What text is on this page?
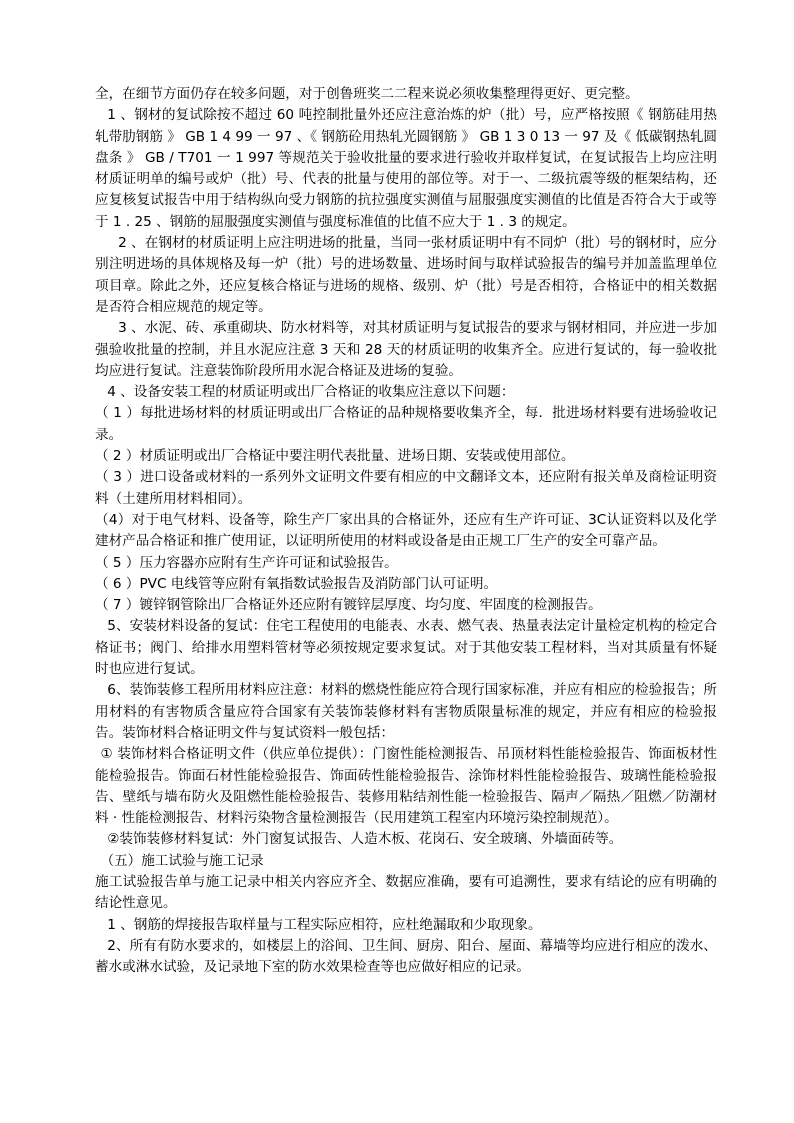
全，在细节方面仍存在较多问题，对于创鲁班奖二二程来说必须收集整理得更好、更完整。

1 、钢材的复试除按不超过 60 吨控制批量外还应注意治炼的炉（批）号，应严格按照《 钢筋硅用热轧带肋钢筋 》 GB 1 4 99 一 97 、《 钢筋砼用热轧光圆钢筋 》 GB 1 3 0 13 一 97 及《 低碳钢热轧圆盘条 》 GB / T701 一 1 997 等规范关于验收批量的要求进行验收并取样复试，在复试报告上均应注明材质证明单的编号或炉（批）号、代表的批量与使用的部位等。对于一、二级抗震等级的框架结构，还应复核复试报告中用于结构纵向受力钢筋的抗拉强度实测值与屈服强度实测值的比值是否符合大于或等于 1 . 25 、钢筋的屈服强度实测值与强度标准值的比值不应大于 1 . 3 的规定。

2 、在钢材的材质证明上应注明进场的批量，当同一张材质证明中有不同炉（批）号的钢材时，应分别注明进场的具体规格及每一炉（批）号的进场数量、进场时间与取样试验报告的编号并加盖监理单位项目章。除此之外，还应复核合格证与进场的规格、级别、炉（批）号是否相符，合格证中的相关数据是否符合相应规范的规定等。

3 、水泥、砖、承重砌块、防水材料等，对其材质证明与复试报告的要求与钢材相同，并应进一步加强验收批量的控制，并且水泥应注意 3 天和 28 天的材质证明的收集齐全。应进行复试的，每一验收批均应进行复试。注意装饰阶段所用水泥合格证及进场的复验。

4 、设备安装工程的材质证明或出厂合格证的收集应注意以下问题：

（ 1 ）每批进场材料的材质证明或出厂合格证的品种规格要收集齐全，每．批进场材料要有进场验收记录。

（ 2 ）材质证明或出厂合格证中要注明代表批量、进场日期、安装或使用部位。

（ 3 ）进口设备或材料的一系列外文证明文件要有相应的中文翻译文本，还应附有报关单及商检证明资料（土建所用材料相同）。

（4）对于电气材料、设备等，除生产厂家出具的合格证外，还应有生产许可证、3C认证资料以及化学建材产品合格证和推广使用证，以证明所使用的材料或设备是由正规工厂生产的安全可靠产品。

（ 5 ）压力容器亦应附有生产许可证和试验报告。

（ 6 ）PVC 电线管等应附有氧指数试验报告及消防部门认可证明。

（ 7 ）镀锌钢管除出厂合格证外还应附有镀锌层厚度、均匀度、牢固度的检测报告。

5、安装材料设备的复试：住宅工程使用的电能表、水表、燃气表、热量表法定计量检定机构的检定合格证书；阀门、给排水用塑料管材等必须按规定要求复试。对于其他安装工程材料，当对其质量有怀疑时也应进行复试。

6、装饰装修工程所用材料应注意：材料的燃烧性能应符合现行国家标准，并应有相应的检验报告；所用材料的有害物质含量应符合国家有关装饰装修材料有害物质限量标准的规定，并应有相应的检验报告。装饰材料合格证明文件与复试资料一般包括：

① 装饰材料合格证明文件（供应单位提供）：门窗性能检测报告、吊顶材料性能检验报告、饰面板材性能检验报告。饰面石材性能检验报告、饰面砖性能检验报告、涂饰材料性能检验报告、玻璃性能检验报告、壁纸与墙布防火及阻燃性能检验报告、装修用粘结剂性能一检验报告、隔声／隔热／阻燃／防潮材料 · 性能检测报告、材料污染物含量检测报告（民用建筑工程室内环境污染控制规范）。

②装饰装修材料复试：外门窗复试报告、人造木板、花岗石、安全玻璃、外墙面砖等。

（五）施工试验与施工记录

施工试验报告单与施工记录中相关内容应齐全、数据应准确，要有可追溯性，要求有结论的应有明确的结论性意见。

1 、钢筋的焊接报告取样量与工程实际应相符，应杜绝漏取和少取现象。

2、所有有防水要求的，如楼层上的浴间、卫生间、厨房、阳台、屋面、幕墙等均应进行相应的泼水、蓄水或淋水试验，及记录地下室的防水效果检查等也应做好相应的记录。
